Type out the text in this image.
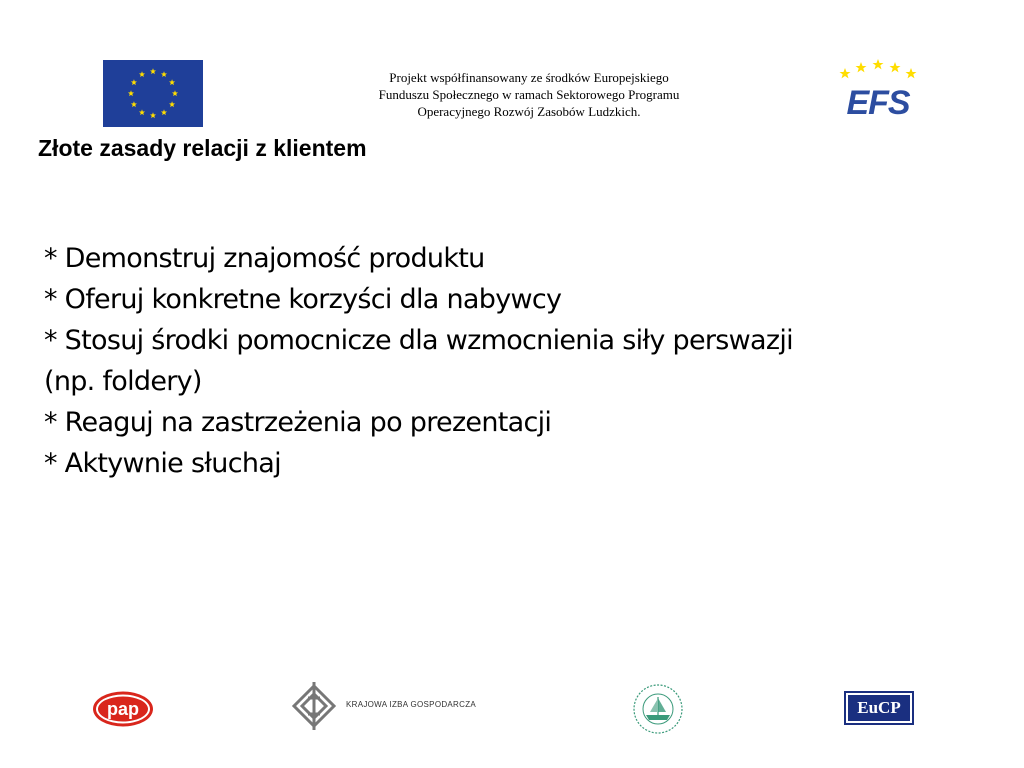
Projekt współfinansowany ze środków Europejskiego
Funduszu Społecznego w ramach Sektorowego Programu
Operacyjnego Rozwój Zasobów Ludzkich.	EFS
Złote zasady relacji z klientem
* Demonstruj znajomość produktu
* Oferuj konkretne korzyści dla nabywcy
* Stosuj środki pomocnicze dla wzmocnienia siły perswazji
(np. foldery)
* Reaguj na zastrzeżenia po prezentacji
* Aktywnie słuchaj
pap	KRAJOWA IZBA GOSPODARCZA	EuCP
